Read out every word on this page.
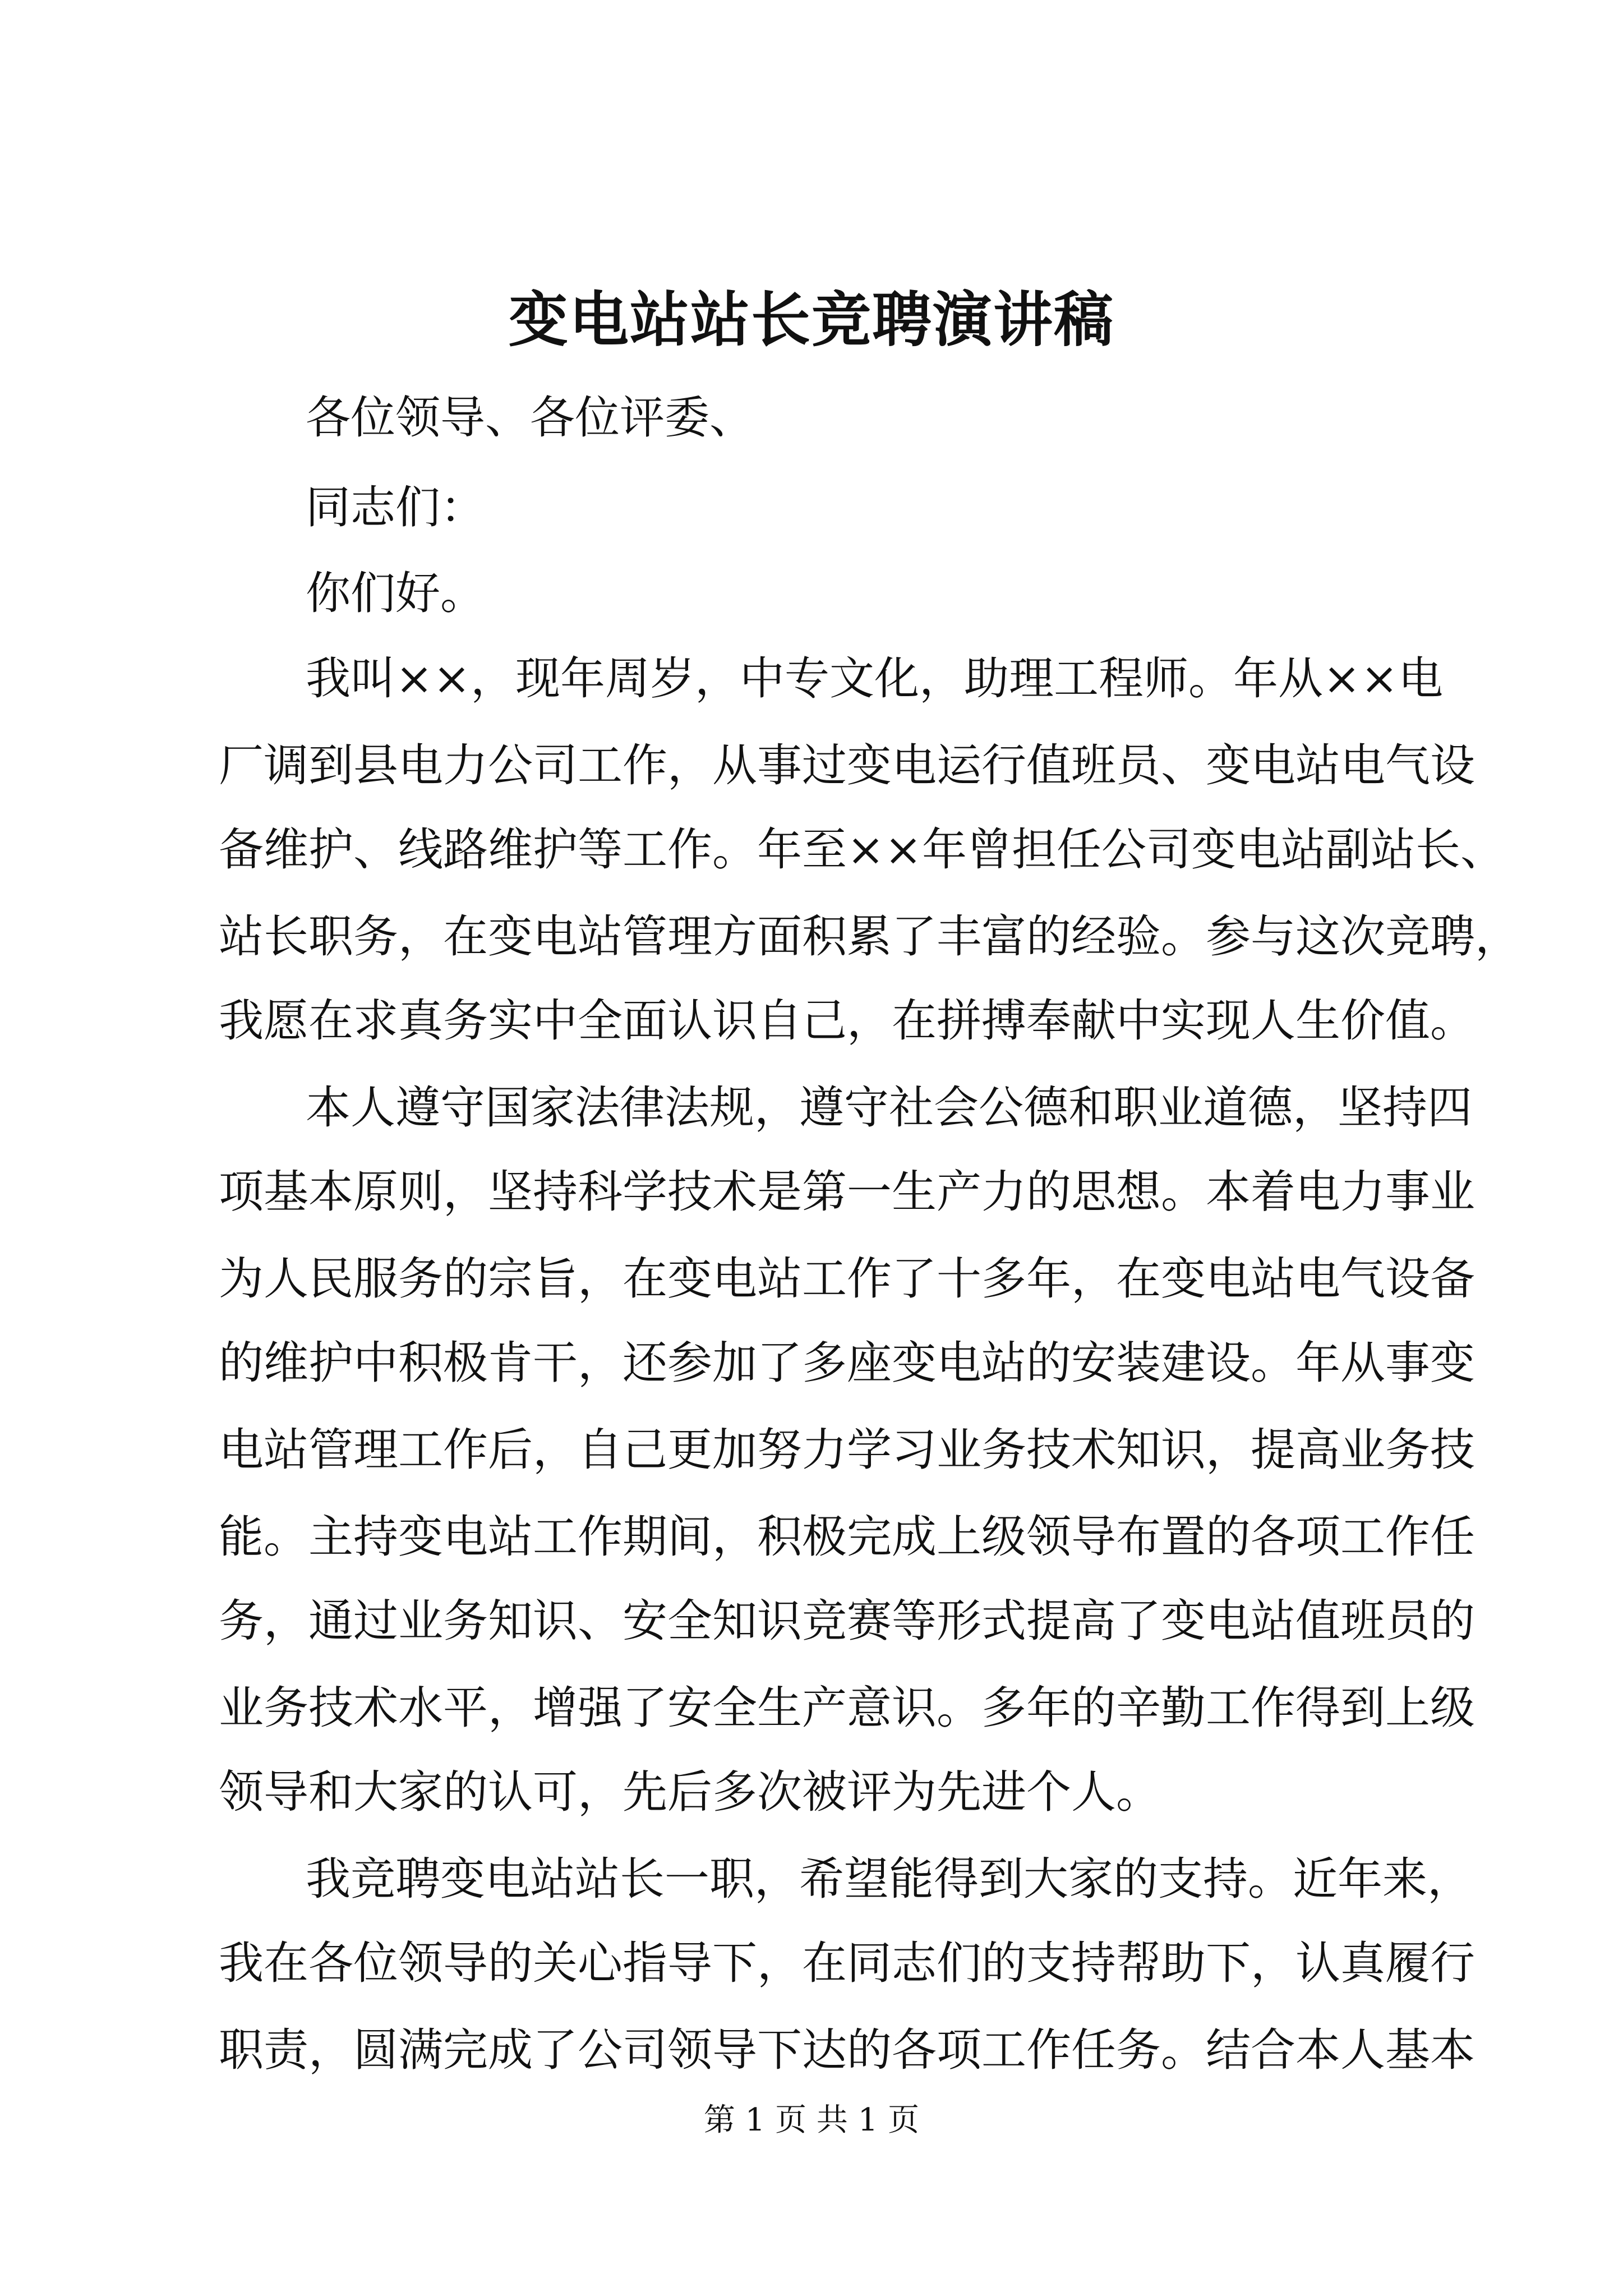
变电站站长竞聘演讲稿
各位领导、各位评委、
同志们：
你们好。
我叫××，现年周岁，中专文化，助理工程师。年从××电
厂调到县电力公司工作，从事过变电运行值班员、变电站电气设
备维护、线路维护等工作。年至××年曾担任公司变电站副站长、
站长职务，在变电站管理方面积累了丰富的经验。参与这次竞聘，
我愿在求真务实中全面认识自己，在拼搏奉献中实现人生价值。
本人遵守国家法律法规，遵守社会公德和职业道德，坚持四
项基本原则，坚持科学技术是第一生产力的思想。本着电力事业
为人民服务的宗旨，在变电站工作了十多年，在变电站电气设备
的维护中积极肯干，还参加了多座变电站的安装建设。年从事变
电站管理工作后，自己更加努力学习业务技术知识，提高业务技
能。主持变电站工作期间，积极完成上级领导布置的各项工作任
务，通过业务知识、安全知识竞赛等形式提高了变电站值班员的
业务技术水平，增强了安全生产意识。多年的辛勤工作得到上级
领导和大家的认可，先后多次被评为先进个人。
我竞聘变电站站长一职，希望能得到大家的支持。近年来，
我在各位领导的关心指导下，在同志们的支持帮助下，认真履行
职责，圆满完成了公司领导下达的各项工作任务。结合本人基本
第 1 页 共 1 页
